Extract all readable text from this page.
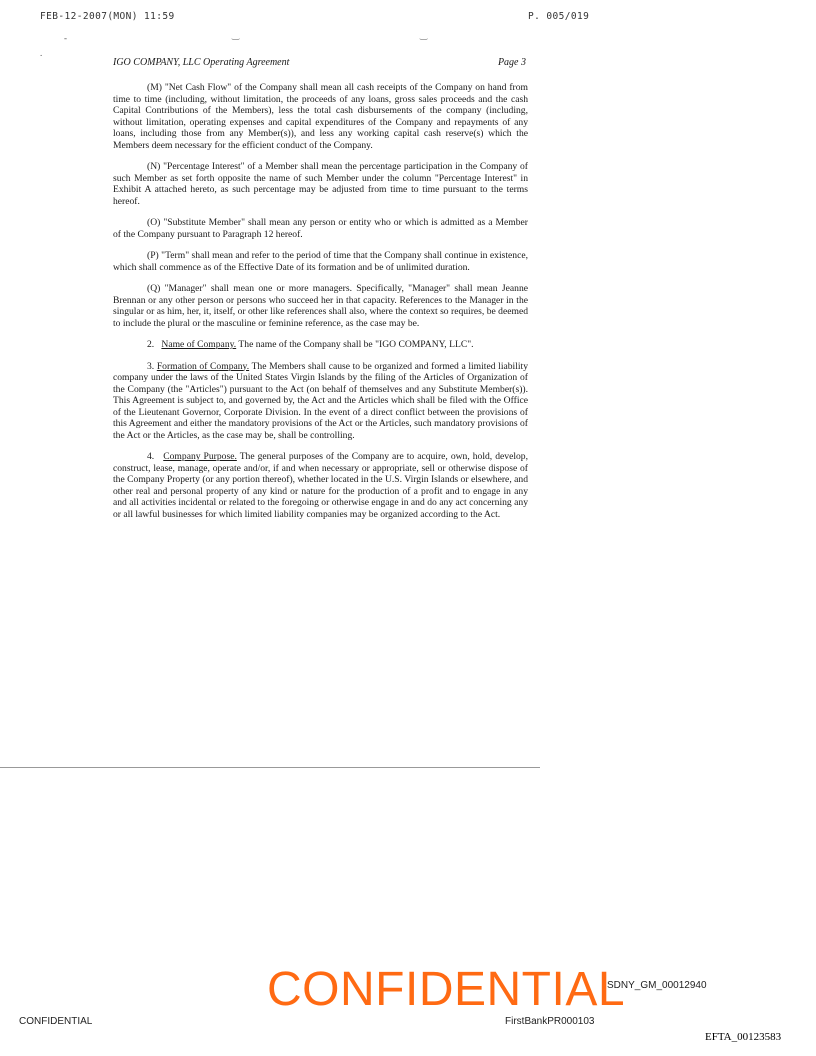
FEB-12-2007(MON) 11:59	P. 005/019
-
.
‿	‿
IGO COMPANY, LLC Operating Agreement	Page 3

(M) "Net Cash Flow" of the Company shall mean all cash receipts of the Company on hand from time to time (including, without limitation, the proceeds of any loans, gross sales proceeds and the cash Capital Contributions of the Members), less the total cash disbursements of the company (including, without limitation, operating expenses and capital expenditures of the Company and repayments of any loans, including those from any Member(s)), and less any working capital cash reserve(s) which the Members deem necessary for the efficient conduct of the Company.

(N) "Percentage Interest" of a Member shall mean the percentage participation in the Company of such Member as set forth opposite the name of such Member under the column "Percentage Interest" in Exhibit A attached hereto, as such percentage may be adjusted from time to time pursuant to the terms hereof.

(O) "Substitute Member" shall mean any person or entity who or which is admitted as a Member of the Company pursuant to Paragraph 12 hereof.

(P) "Term" shall mean and refer to the period of time that the Company shall continue in existence, which shall commence as of the Effective Date of its formation and be of unlimited duration.

(Q) "Manager" shall mean one or more managers. Specifically, "Manager" shall mean Jeanne Brennan or any other person or persons who succeed her in that capacity. References to the Manager in the singular or as him, her, it, itself, or other like references shall also, where the context so requires, be deemed to include the plural or the masculine or feminine reference, as the case may be.

2. Name of Company. The name of the Company shall be "IGO COMPANY, LLC".

3. Formation of Company. The Members shall cause to be organized and formed a limited liability company under the laws of the United States Virgin Islands by the filing of the Articles of Organization of the Company (the "Articles") pursuant to the Act (on behalf of themselves and any Substitute Member(s)). This Agreement is subject to, and governed by, the Act and the Articles which shall be filed with the Office of the Lieutenant Governor, Corporate Division. In the event of a direct conflict between the provisions of this Agreement and either the mandatory provisions of the Act or the Articles, such mandatory provisions of the Act or the Articles, as the case may be, shall be controlling.

4. Company Purpose. The general purposes of the Company are to acquire, own, hold, develop, construct, lease, manage, operate and/or, if and when necessary or appropriate, sell or otherwise dispose of the Company Property (or any portion thereof), whether located in the U.S. Virgin Islands or elsewhere, and other real and personal property of any kind or nature for the production of a profit and to engage in any and all activities incidental or related to the foregoing or otherwise engage in and do any act concerning any or all lawful businesses for which limited liability companies may be organized according to the Act.

CONFIDENTIAL
SDNY_GM_00012940
CONFIDENTIAL	FirstBankPR000103
EFTA_00123583
